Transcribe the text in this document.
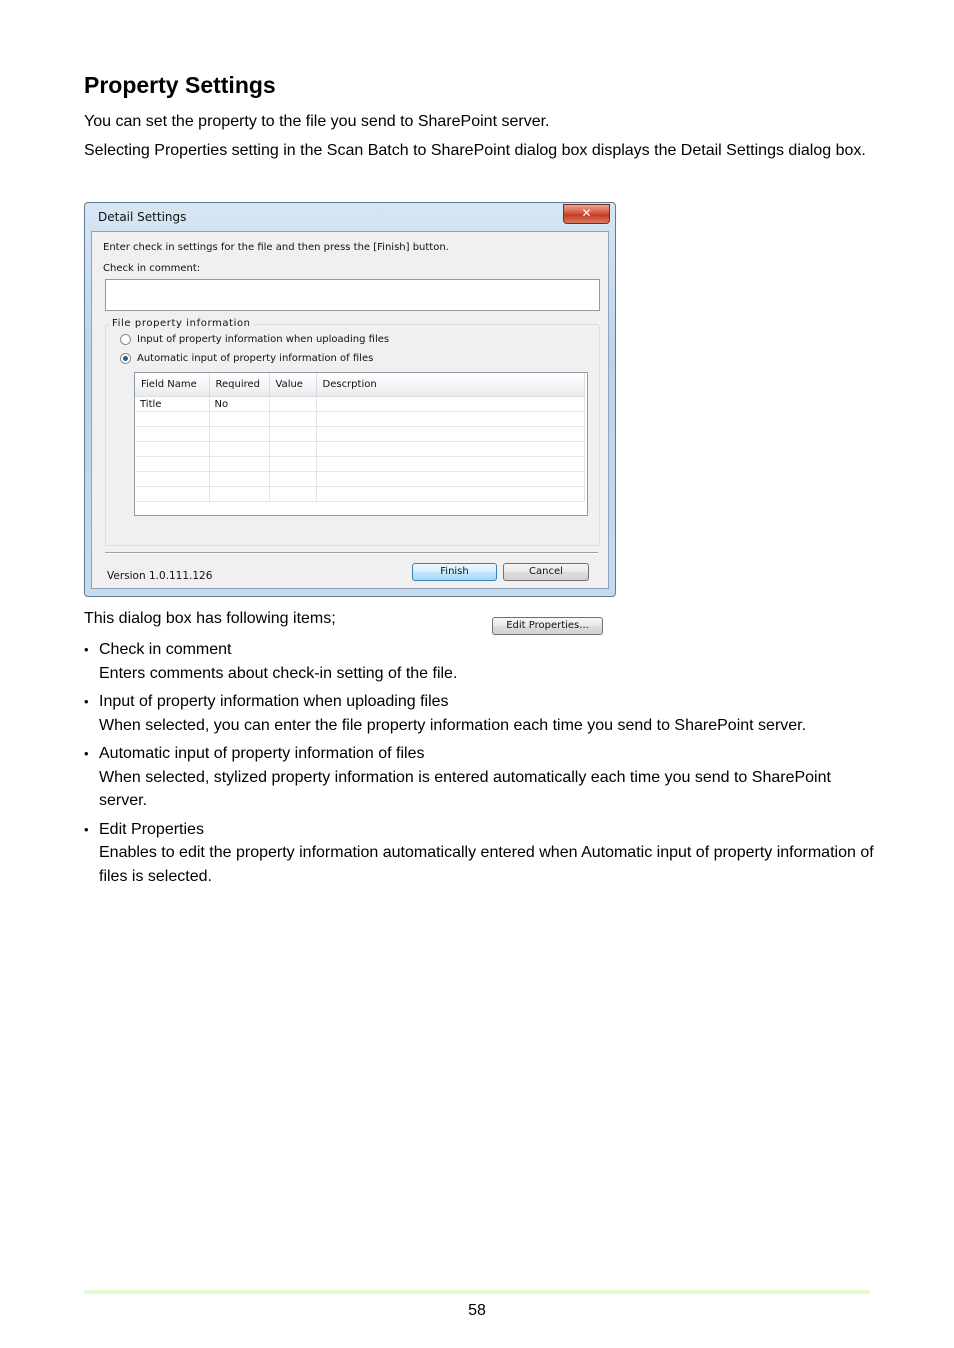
Property Settings

You can set the property to the file you send to SharePoint server.

Selecting Properties setting in the Scan Batch to SharePoint dialog box displays the Detail Settings dialog box.

Detail Settings	✕
Enter check in settings for the file and then press the [Finish] button.
Check in comment:
File property information
Input of property information when uploading files
Automatic input of property information of files
Field Name	Required	Value	Descrption
Title	No		

Edit Properties...
Version 1.0.111.126	Finish	Cancel

This dialog box has following items;

• Check in comment
Enters comments about check-in setting of the file.
• Input of property information when uploading files
When selected, you can enter the file property information each time you send to SharePoint server.
• Automatic input of property information of files
When selected, stylized property information is entered automatically each time you send to SharePoint server.
• Edit Properties
Enables to edit the property information automatically entered when Automatic input of property information of files is selected.
58
